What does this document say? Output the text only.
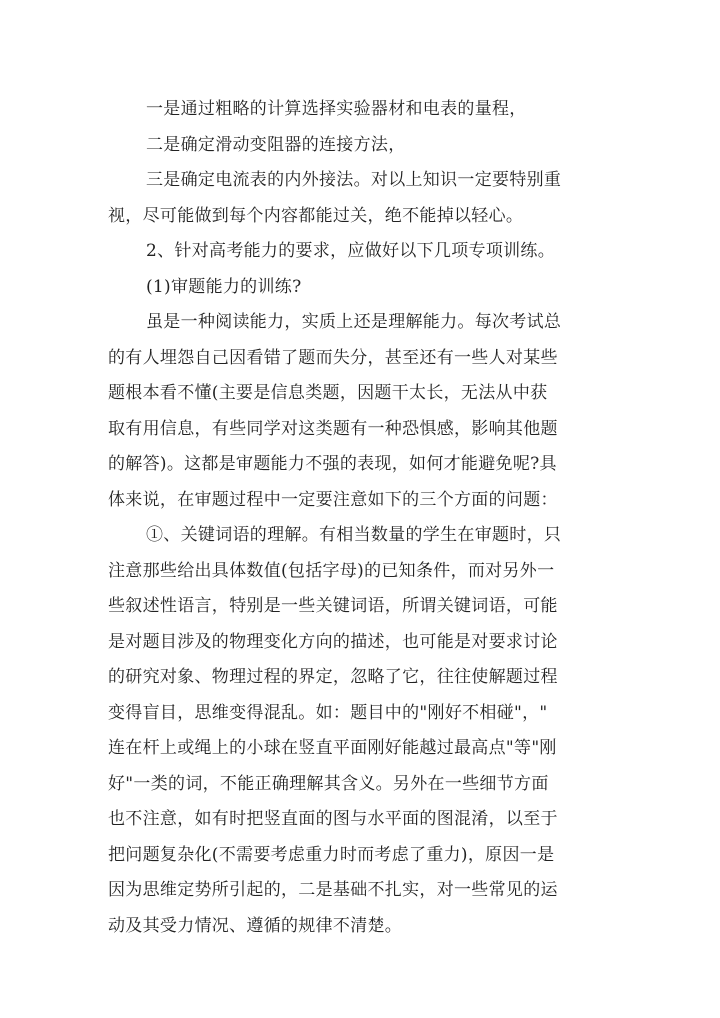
一是通过粗略的计算选择实验器材和电表的量程，
二是确定滑动变阻器的连接方法，
三是确定电流表的内外接法。对以上知识一定要特别重
视，尽可能做到每个内容都能过关，绝不能掉以轻心。
2、针对高考能力的要求，应做好以下几项专项训练。
(1)审题能力的训练?
虽是一种阅读能力，实质上还是理解能力。每次考试总
的有人埋怨自己因看错了题而失分，甚至还有一些人对某些
题根本看不懂(主要是信息类题，因题干太长，无法从中获
取有用信息，有些同学对这类题有一种恐惧感，影响其他题
的解答)。这都是审题能力不强的表现，如何才能避免呢?具
体来说，在审题过程中一定要注意如下的三个方面的问题：
①、关键词语的理解。有相当数量的学生在审题时，只
注意那些给出具体数值(包括字母)的已知条件，而对另外一
些叙述性语言，特别是一些关键词语，所谓关键词语，可能
是对题目涉及的物理变化方向的描述，也可能是对要求讨论
的研究对象、物理过程的界定，忽略了它，往往使解题过程
变得盲目，思维变得混乱。如：题目中的"刚好不相碰"，"
连在杆上或绳上的小球在竖直平面刚好能越过最高点"等"刚
好"一类的词，不能正确理解其含义。另外在一些细节方面
也不注意，如有时把竖直面的图与水平面的图混淆，以至于
把问题复杂化(不需要考虑重力时而考虑了重力)，原因一是
因为思维定势所引起的，二是基础不扎实，对一些常见的运
动及其受力情况、遵循的规律不清楚。
